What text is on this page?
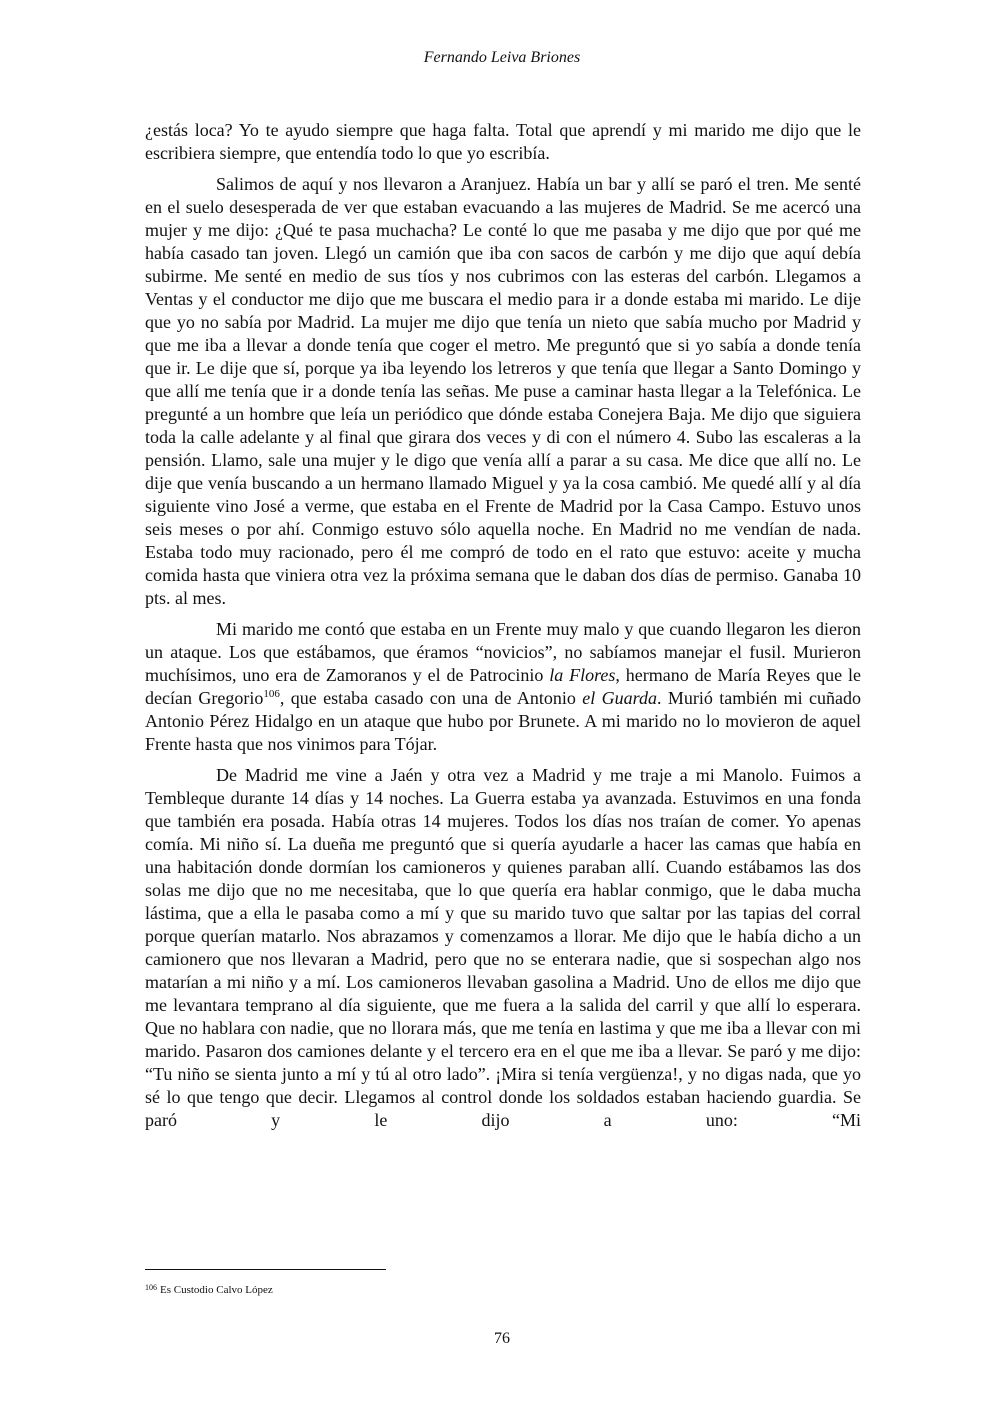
Fernando Leiva Briones

¿estás loca? Yo te ayudo siempre que haga falta. Total que aprendí y mi marido me dijo que le escribiera siempre, que entendía todo lo que yo escribía.

Salimos de aquí y nos llevaron a Aranjuez. Había un bar y allí se paró el tren. Me senté en el suelo desesperada de ver que estaban evacuando a las mujeres de Madrid. Se me acercó una mujer y me dijo: ¿Qué te pasa muchacha? Le conté lo que me pasaba y me dijo que por qué me había casado tan joven. Llegó un camión que iba con sacos de carbón y me dijo que aquí debía subirme. Me senté en medio de sus tíos y nos cubrimos con las esteras del carbón. Llegamos a Ventas y el conductor me dijo que me buscara el medio para ir a donde estaba mi marido. Le dije que yo no sabía por Madrid. La mujer me dijo que tenía un nieto que sabía mucho por Madrid y que me iba a llevar a donde tenía que coger el metro. Me preguntó que si yo sabía a donde tenía que ir. Le dije que sí, porque ya iba leyendo los letreros y que tenía que llegar a Santo Domingo y que allí me tenía que ir a donde tenía las señas. Me puse a caminar hasta llegar a la Telefónica. Le pregunté a un hombre que leía un periódico que dónde estaba Conejera Baja. Me dijo que siguiera toda la calle adelante y al final que girara dos veces y di con el número 4. Subo las escaleras a la pensión. Llamo, sale una mujer y le digo que venía allí a parar a su casa. Me dice que allí no. Le dije que venía buscando a un hermano llamado Miguel y ya la cosa cambió. Me quedé allí y al día siguiente vino José a verme, que estaba en el Frente de Madrid por la Casa Campo. Estuvo unos seis meses o por ahí. Conmigo estuvo sólo aquella noche. En Madrid no me vendían de nada. Estaba todo muy racionado, pero él me compró de todo en el rato que estuvo: aceite y mucha comida hasta que viniera otra vez la próxima semana que le daban dos días de permiso. Ganaba 10 pts. al mes.

Mi marido me contó que estaba en un Frente muy malo y que cuando llegaron les dieron un ataque. Los que estábamos, que éramos “novicios”, no sabíamos manejar el fusil. Murieron muchísimos, uno era de Zamoranos y el de Patrocinio la Flores, hermano de María Reyes que le decían Gregorio$^{106}$, que estaba casado con una de Antonio el Guarda. Murió también mi cuñado Antonio Pérez Hidalgo en un ataque que hubo por Brunete. A mi marido no lo movieron de aquel Frente hasta que nos vinimos para Tójar.

De Madrid me vine a Jaén y otra vez a Madrid y me traje a mi Manolo. Fuimos a Tembleque durante 14 días y 14 noches. La Guerra estaba ya avanzada. Estuvimos en una fonda que también era posada. Había otras 14 mujeres. Todos los días nos traían de comer. Yo apenas comía. Mi niño sí. La dueña me preguntó que si quería ayudarle a hacer las camas que había en una habitación donde dormían los camioneros y quienes paraban allí. Cuando estábamos las dos solas me dijo que no me necesitaba, que lo que quería era hablar conmigo, que le daba mucha lástima, que a ella le pasaba como a mí y que su marido tuvo que saltar por las tapias del corral porque querían matarlo. Nos abrazamos y comenzamos a llorar. Me dijo que le había dicho a un camionero que nos llevaran a Madrid, pero que no se enterara nadie, que si sospechan algo nos matarían a mi niño y a mí. Los camioneros llevaban gasolina a Madrid. Uno de ellos me dijo que me levantara temprano al día siguiente, que me fuera a la salida del carril y que allí lo esperara. Que no hablara con nadie, que no llorara más, que me tenía en lastima y que me iba a llevar con mi marido. Pasaron dos camiones delante y el tercero era en el que me iba a llevar. Se paró y me dijo: “Tu niño se sienta junto a mí y tú al otro lado”. ¡Mira si tenía vergüenza!, y no digas nada, que yo sé lo que tengo que decir. Llegamos al control donde los soldados estaban haciendo guardia. Se paró y le dijo a uno: “Mi

$^{106}$ Es Custodio Calvo López
76
